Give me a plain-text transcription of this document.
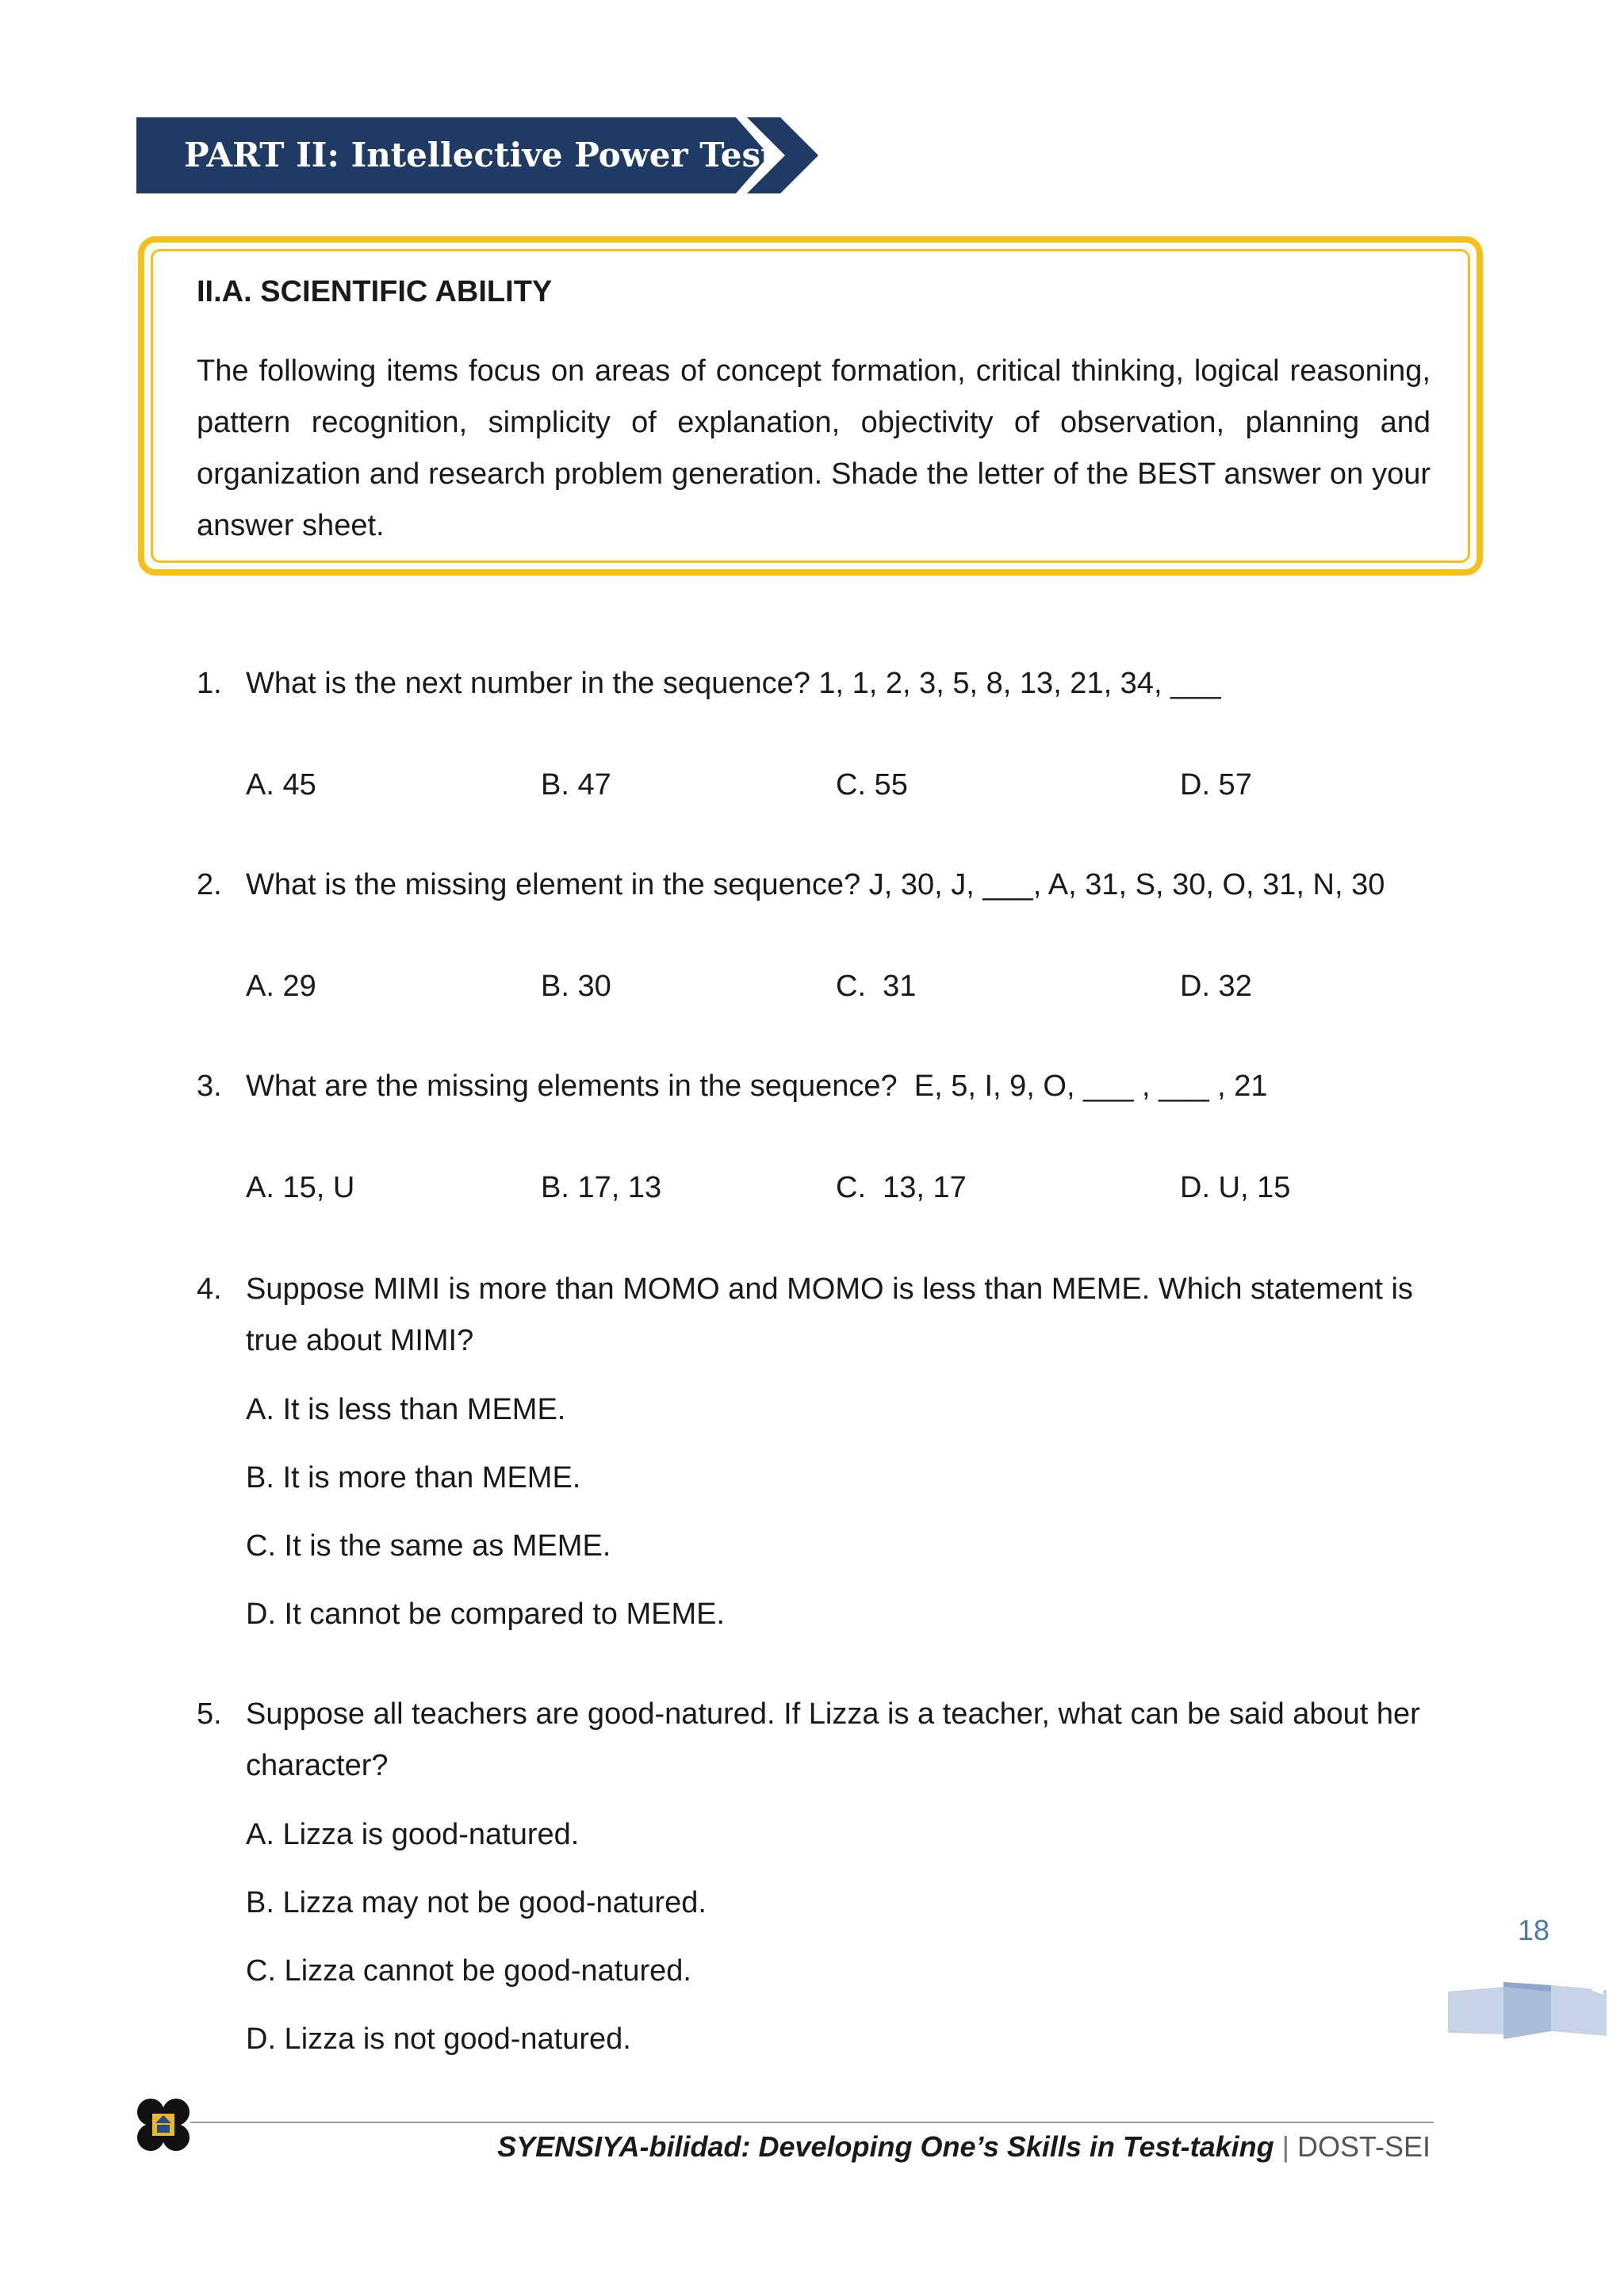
PART II: Intellective Power Test
II.A. SCIENTIFIC ABILITY
The following items focus on areas of concept formation, critical thinking, logical reasoning, pattern recognition, simplicity of explanation, objectivity of observation, planning and organization and research problem generation. Shade the letter of the BEST answer on your answer sheet.
1. What is the next number in the sequence? 1, 1, 2, 3, 5, 8, 13, 21, 34, ___
A. 45	B. 47	C. 55	D. 57
2. What is the missing element in the sequence? J, 30, J, ___, A, 31, S, 30, O, 31, N, 30
A. 29	B. 30	C.  31	D. 32
3. What are the missing elements in the sequence?  E, 5, I, 9, O, ___ , ___ , 21
A. 15, U	B. 17, 13	C.  13, 17	D. U, 15
4. Suppose MIMI is more than MOMO and MOMO is less than MEME. Which statement is true about MIMI?
A. It is less than MEME.
B. It is more than MEME.
C. It is the same as MEME.
D. It cannot be compared to MEME.
5. Suppose all teachers are good-natured. If Lizza is a teacher, what can be said about her character?
A. Lizza is good-natured.
B. Lizza may not be good-natured.
C. Lizza cannot be good-natured.
D. Lizza is not good-natured.
18
SYENSIYA-bilidad: Developing One’s Skills in Test-taking | DOST-SEI
